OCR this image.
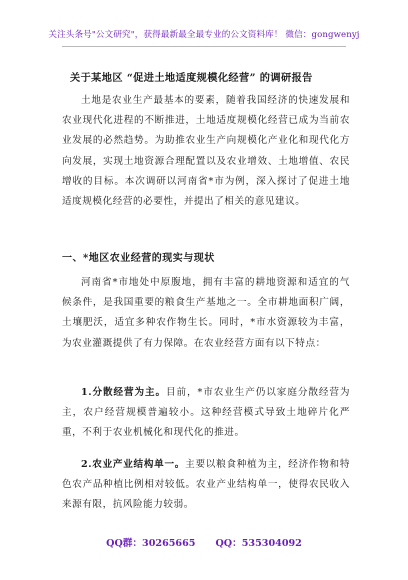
关注头条号"公文研究"，获得最新最全最专业的公文资料库！ 微信：gongwenyj
关于某地区 “促进土地适度规模化经营” 的调研报告
土地是农业生产最基本的要素，随着我国经济的快速发展和农业现代化进程的不断推进，土地适度规模化经营已成为当前农业发展的必然趋势。为助推农业生产向规模化产业化和现代化方向发展，实现土地资源合理配置以及农业增效、土地增值、农民增收的目标。本次调研以河南省*市为例，深入探讨了促进土地适度规模化经营的必要性，并提出了相关的意见建议。
一、*地区农业经营的现实与现状
河南省*市地处中原腹地，拥有丰富的耕地资源和适宜的气候条件，是我国重要的粮食生产基地之一。全市耕地面积广阔，土壤肥沃，适宜多种农作物生长。同时，*市水资源较为丰富，为农业灌溉提供了有力保障。在农业经营方面有以下特点：
1.分散经营为主。目前，*市农业生产仍以家庭分散经营为主，农户经营规模普遍较小。这种经营模式导致土地碎片化严重，不利于农业机械化和现代化的推进。
2.农业产业结构单一。主要以粮食种植为主，经济作物和特色农产品种植比例相对较低。农业产业结构单一，使得农民收入来源有限，抗风险能力较弱。
QQ群：30265665 QQ：535304092
